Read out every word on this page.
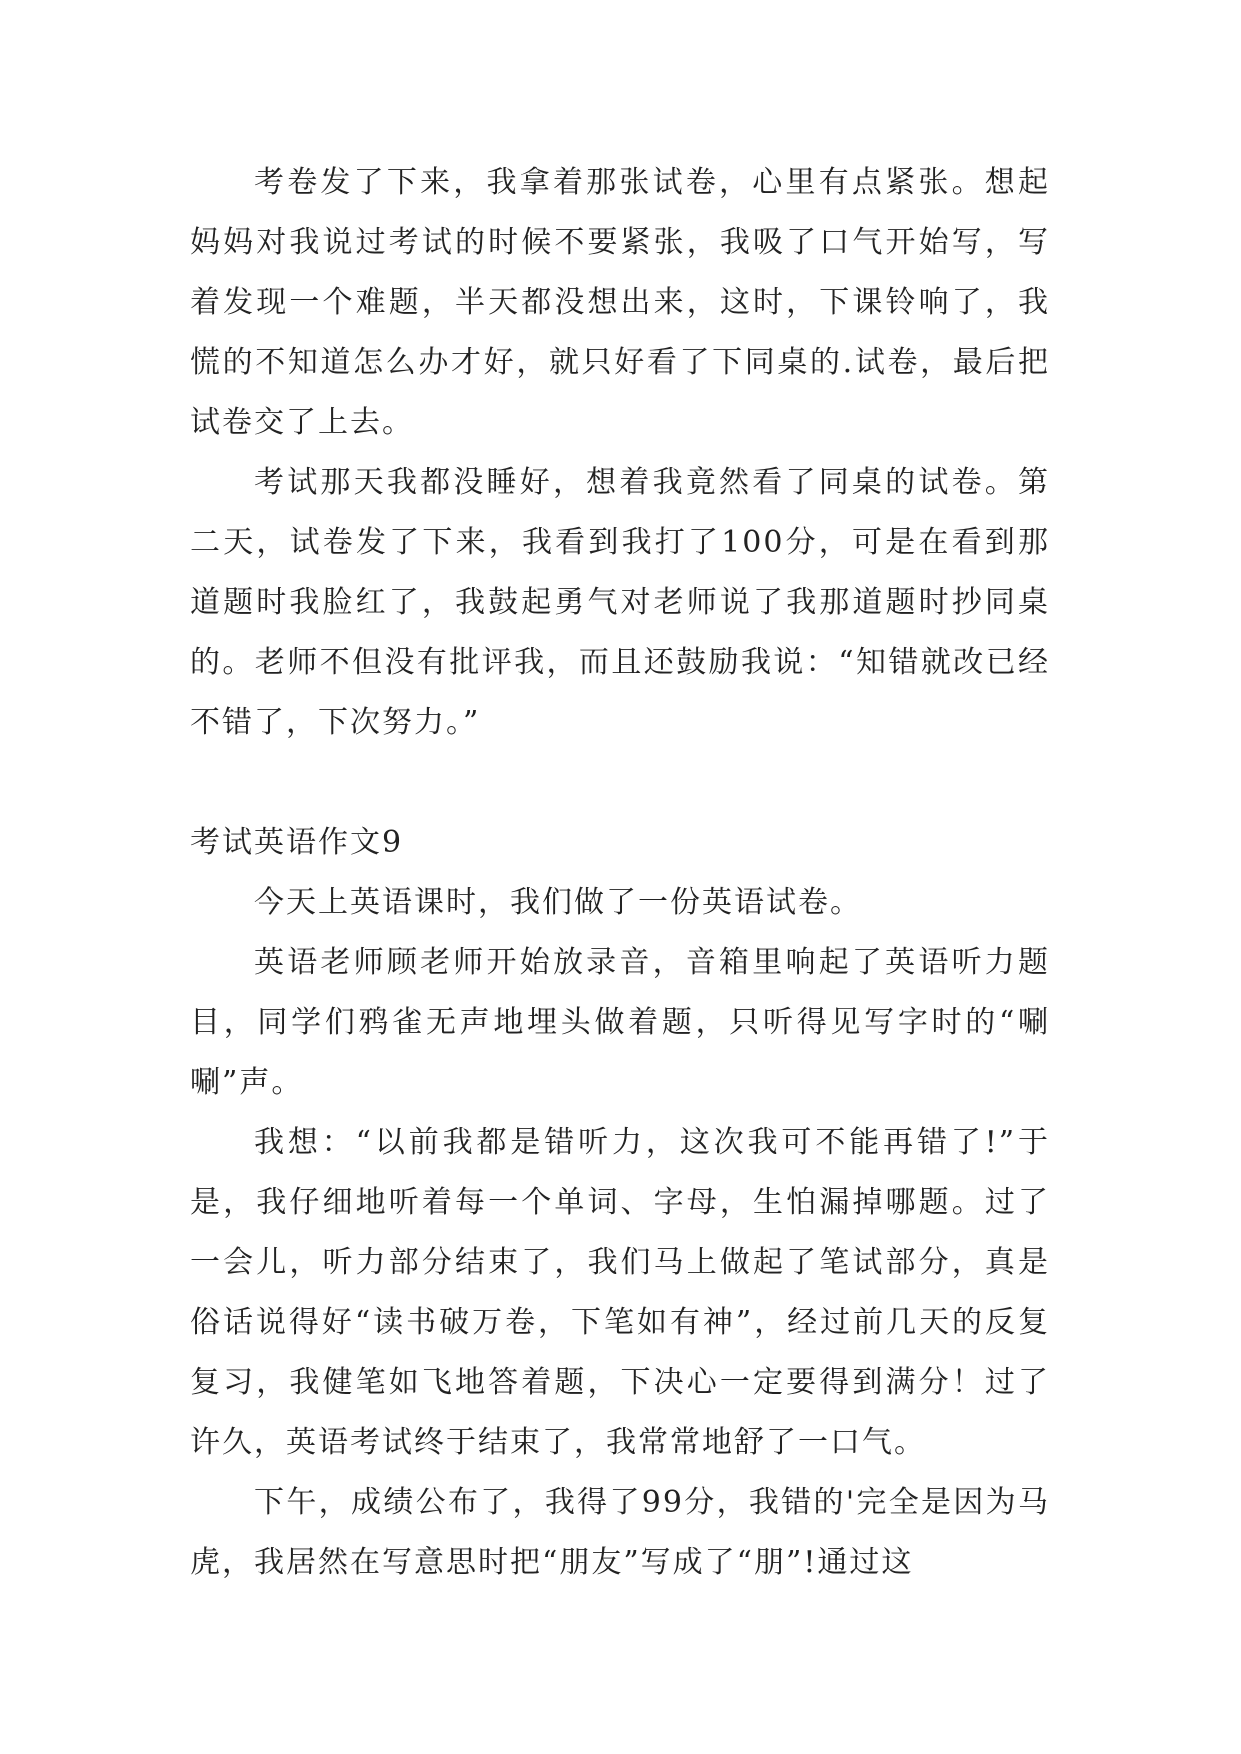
考卷发了下来，我拿着那张试卷，心里有点紧张。想起妈妈对我说过考试的时候不要紧张，我吸了口气开始写，写着发现一个难题，半天都没想出来，这时，下课铃响了，我慌的不知道怎么办才好，就只好看了下同桌的.试卷，最后把试卷交了上去。

考试那天我都没睡好，想着我竟然看了同桌的试卷。第二天，试卷发了下来，我看到我打了100分，可是在看到那道题时我脸红了，我鼓起勇气对老师说了我那道题时抄同桌的。老师不但没有批评我，而且还鼓励我说：“知错就改已经不错了，下次努力。”

考试英语作文9

今天上英语课时，我们做了一份英语试卷。

英语老师顾老师开始放录音，音箱里响起了英语听力题目，同学们鸦雀无声地埋头做着题，只听得见写字时的“唰唰”声。

我想：“以前我都是错听力，这次我可不能再错了!”于是，我仔细地听着每一个单词、字母，生怕漏掉哪题。过了一会儿，听力部分结束了，我们马上做起了笔试部分，真是俗话说得好“读书破万卷，下笔如有神”，经过前几天的反复复习，我健笔如飞地答着题，下决心一定要得到满分！过了许久，英语考试终于结束了，我常常地舒了一口气。

下午，成绩公布了，我得了99分，我错的'完全是因为马虎，我居然在写意思时把“朋友”写成了“朋”!通过这
